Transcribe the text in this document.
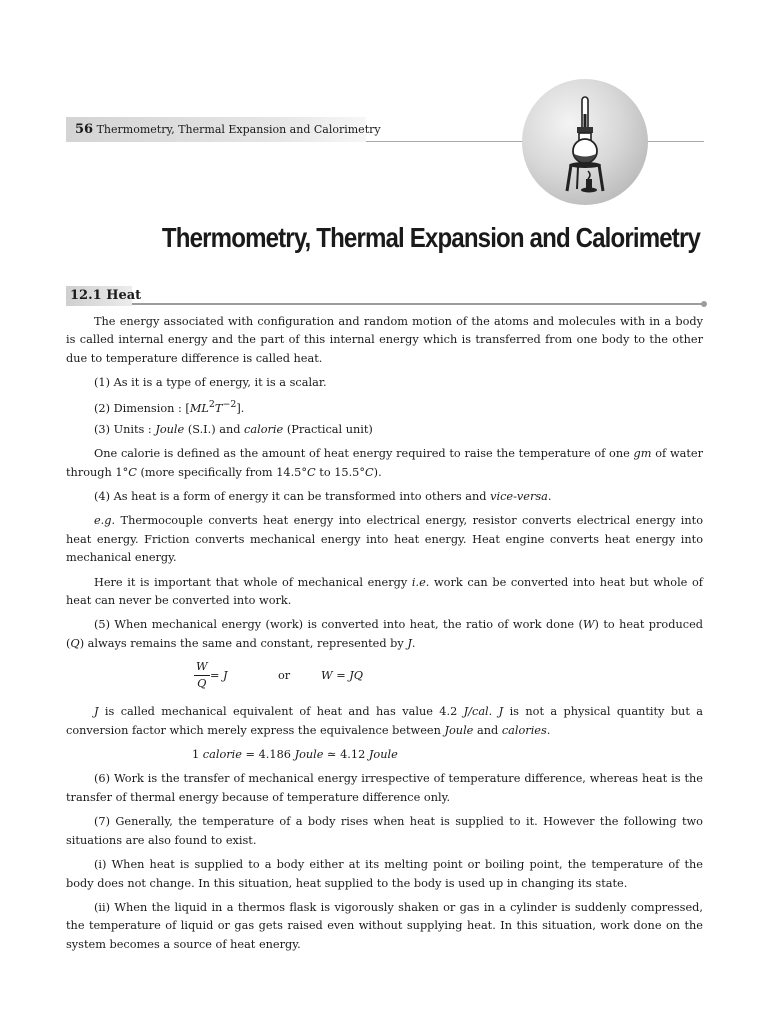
56 Thermometry, Thermal Expansion and Calorimetry
Thermometry, Thermal Expansion and Calorimetry
12.1 Heat

The energy associated with configuration and random motion of the atoms and molecules with in a body is called internal energy and the part of this internal energy which is transferred from one body to the other due to temperature difference is called heat.

(1) As it is a type of energy, it is a scalar.

(2) Dimension : $[ML^2T^{-2}]$.

(3) Units : Joule (S.I.) and calorie (Practical unit)

One calorie is defined as the amount of heat energy required to raise the temperature of one gm of water through 1°C (more specifically from 14.5°C to 15.5°C).

(4) As heat is a form of energy it can be transformed into others and vice-versa.

e.g. Thermocouple converts heat energy into electrical energy, resistor converts electrical energy into heat energy. Friction converts mechanical energy into heat energy. Heat engine converts heat energy into mechanical energy.

Here it is important that whole of mechanical energy i.e. work can be converted into heat but whole of heat can never be converted into work.

(5) When mechanical energy (work) is converted into heat, the ratio of work done (W) to heat produced (Q) always remains the same and constant, represented by J.

$\frac{W}{Q} = J$	or	W = JQ

J is called mechanical equivalent of heat and has value 4.2 J/cal. J is not a physical quantity but a conversion factor which merely express the equivalence between Joule and calories.

1 calorie = 4.186 Joule ≃ 4.12 Joule

(6) Work is the transfer of mechanical energy irrespective of temperature difference, whereas heat is the transfer of thermal energy because of temperature difference only.

(7) Generally, the temperature of a body rises when heat is supplied to it. However the following two situations are also found to exist.

(i) When heat is supplied to a body either at its melting point or boiling point, the temperature of the body does not change. In this situation, heat supplied to the body is used up in changing its state.

(ii) When the liquid in a thermos flask is vigorously shaken or gas in a cylinder is suddenly compressed, the temperature of liquid or gas gets raised even without supplying heat. In this situation, work done on the system becomes a source of heat energy.
